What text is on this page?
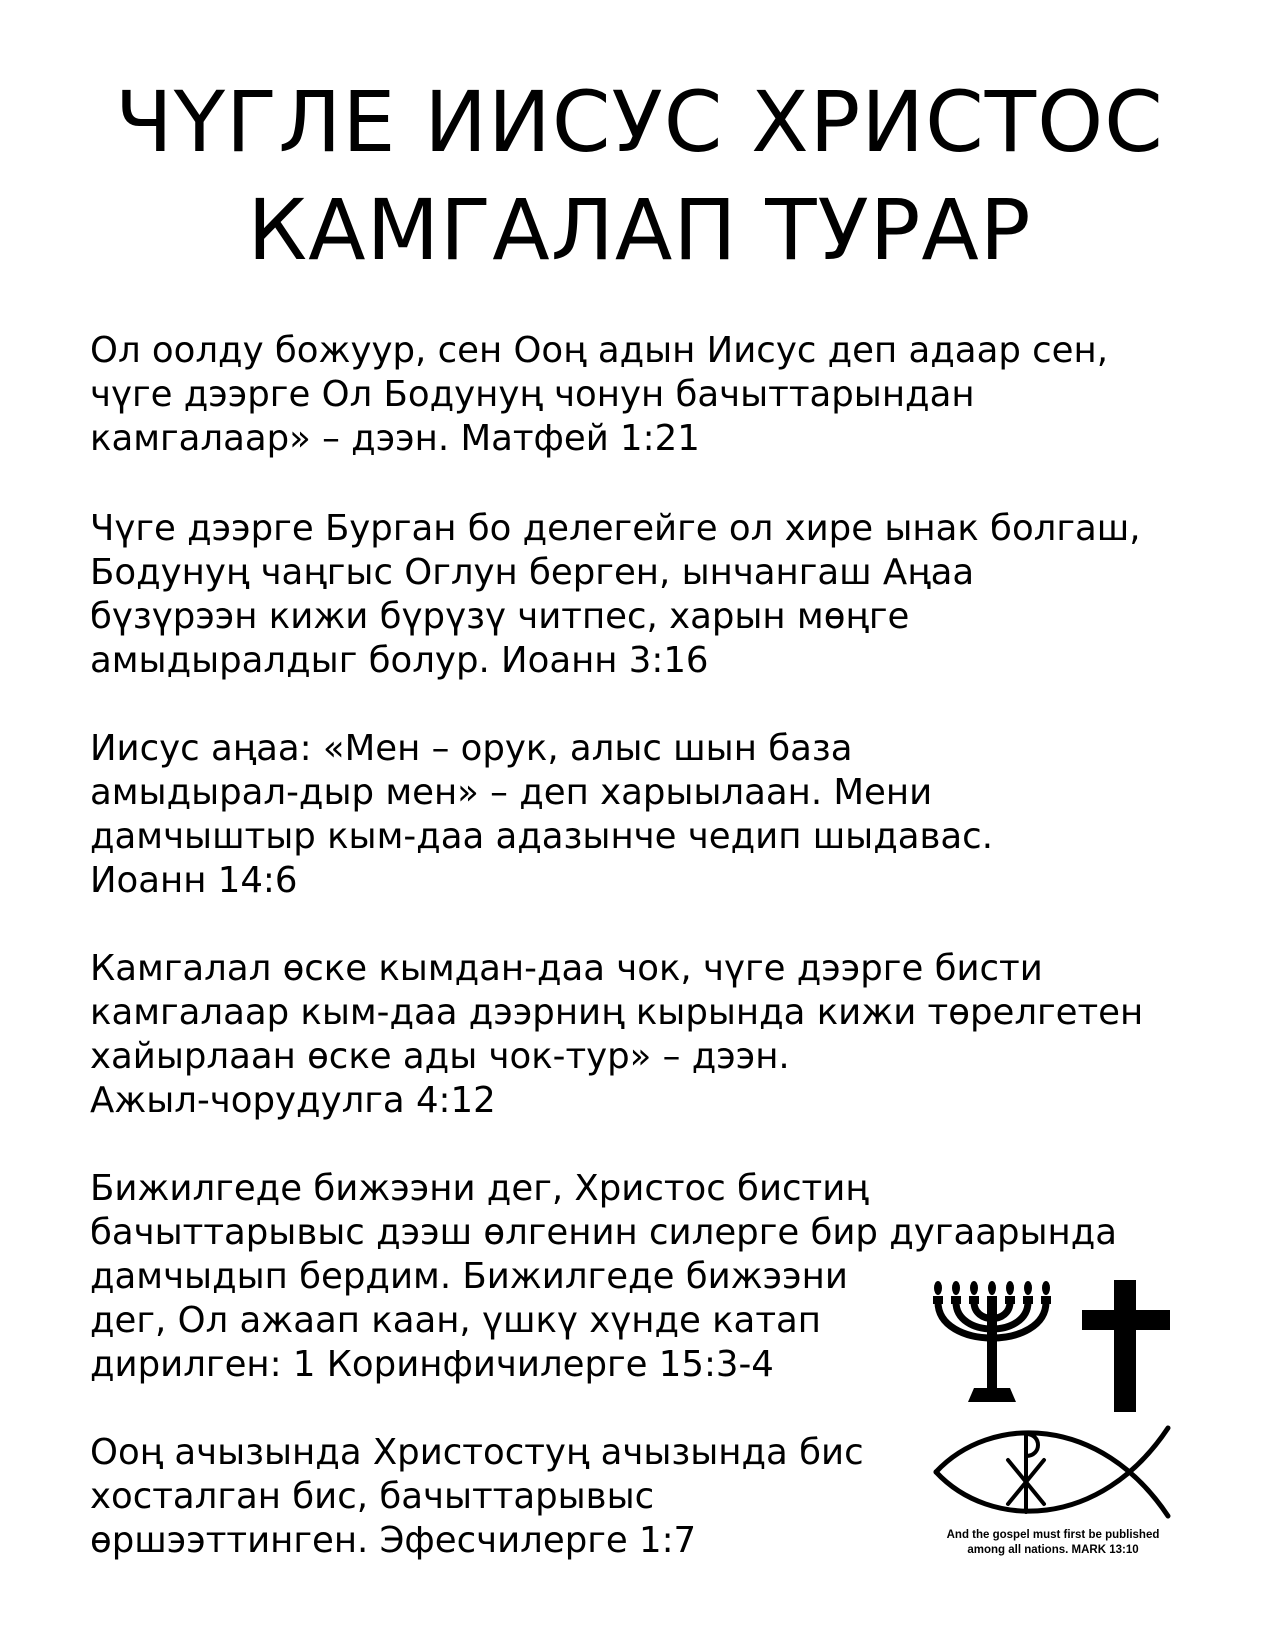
ЧҮГЛЕ ИИСУС ХРИСТОС
КАМГАЛАП ТУРАР
Ол оолду божуур, сен Ооң адын Иисус деп адаар сен,
чүге дээрге Ол Бодунуң чонун бачыттарындан
камгалаар» – дээн. Матфей 1:21
Чүге дээрге Бурган бо делегейге ол хире ынак болгаш,
Бодунуң чаңгыс Оглун берген, ынчангаш Аңаа
бүзүрээн кижи бүрүзү читпес, харын мөңге
амыдыралдыг болур. Иоанн 3:16
Иисус аңаа: «Мен – орук, алыс шын база
амыдырал-дыр мен» – деп харыылаан. Мени
дамчыштыр кым-даа адазынче чедип шыдавас.
Иоанн 14:6
Камгалал өске кымдан-даа чок, чүге дээрге бисти
камгалаар кым-даа дээрниң кырында кижи төрелгетен
хайырлаан өске ады чок-тур» – дээн.
Ажыл-чорудулга 4:12
Бижилгеде бижээни дег, Христос бистиң
бачыттарывыс дээш өлгенин силерге бир дугаарында
дамчыдып бердим. Бижилгеде бижээни
дег, Ол ажаап каан, үшкү хүнде катап
дирилген: 1 Коринфичилерге 15:3-4
Ооң ачызында Христостуң ачызында бис
хосталган бис, бачыттарывыс
өршээттинген. Эфесчилерге 1:7	And the gospel must first be published
among all nations. MARK 13:10
